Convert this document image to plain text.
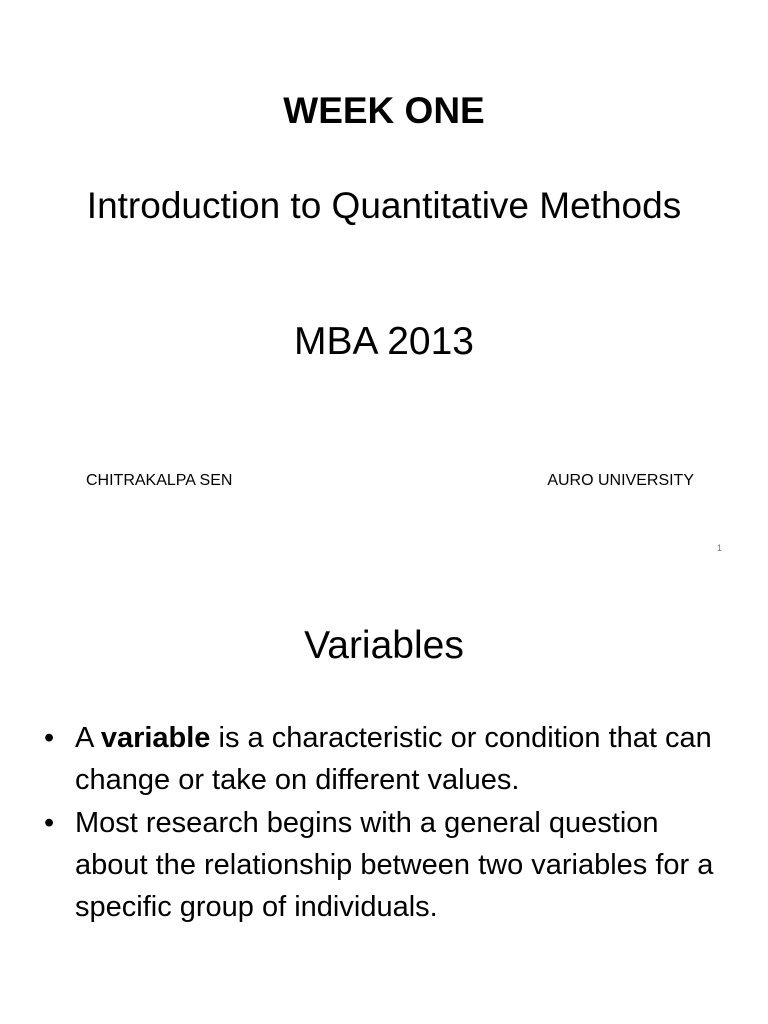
WEEK ONE
Introduction to Quantitative Methods
MBA 2013
CHITRAKALPA SEN	AURO UNIVERSITY
1
Variables
• A variable is a characteristic or condition that can change or take on different values.
• Most research begins with a general question about the relationship between two variables for a specific group of individuals.
